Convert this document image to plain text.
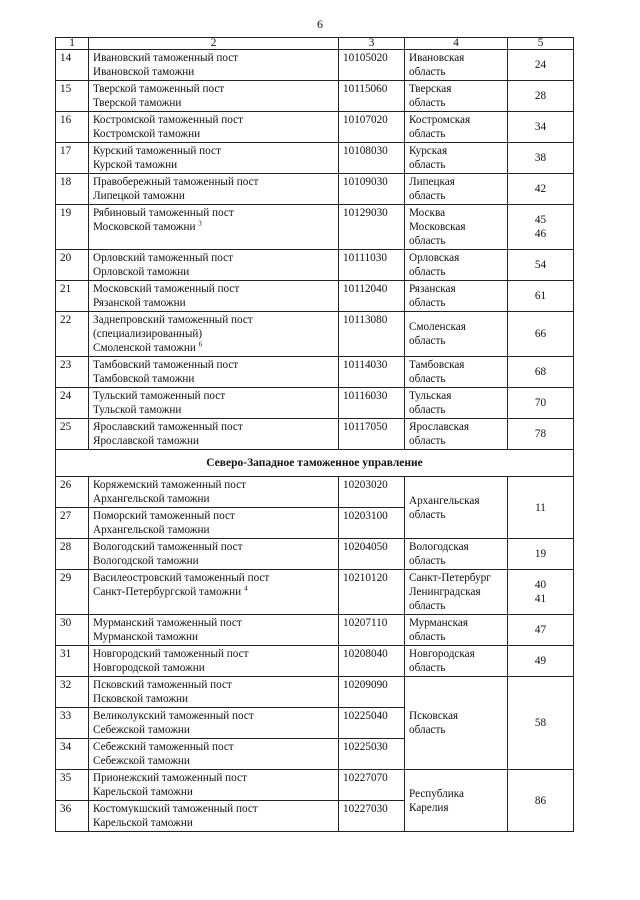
6
1	2	3	4	5
14	Ивановский таможенный пост
Ивановской таможни	10105020	Ивановская
область	24
15	Тверской таможенный пост
Тверской таможни	10115060	Тверская
область	28
16	Костромской таможенный пост
Костромской таможни	10107020	Костромская
область	34
17	Курский таможенный пост
Курской таможни	10108030	Курская
область	38
18	Правобережный таможенный пост
Липецкой таможни	10109030	Липецкая
область	42
19	Рябиновый таможенный пост
Московской таможни $^3$	10129030	Москва
Московская
область	45
46
20	Орловский таможенный пост
Орловской таможни	10111030	Орловская
область	54
21	Московский таможенный пост
Рязанской таможни	10112040	Рязанская
область	61
22	Заднепровский таможенный пост
(специализированный)
Смоленской таможни $^6$	10113080	Смоленская
область	66
23	Тамбовский таможенный пост
Тамбовской таможни	10114030	Тамбовская
область	68
24	Тульский таможенный пост
Тульской таможни	10116030	Тульская
область	70
25	Ярославский таможенный пост
Ярославской таможни	10117050	Ярославская
область	78
Северо-Западное таможенное управление				
26	Коряжемский таможенный пост
Архангельской таможни	10203020	Архангельская
область	11
27	Поморский таможенный пост
Архангельской таможни	10203100		
28	Вологодский таможенный пост
Вологодской таможни	10204050	Вологодская
область	19
29	Василеостровский таможенный пост
Санкт-Петербургской таможни $^4$	10210120	Санкт-Петербург
Ленинградская
область	40
41
30	Мурманский таможенный пост
Мурманской таможни	10207110	Мурманская
область	47
31	Новгородский таможенный пост
Новгородской таможни	10208040	Новгородская
область	49
32	Псковский таможенный пост
Псковской таможни	10209090	Псковская
область	58
33	Великолукский таможенный пост
Себежской таможни	10225040		
34	Себежский таможенный пост
Себежской таможни	10225030		
35	Прионежский таможенный пост
Карельской таможни	10227070	Республика
Карелия	86
36	Костомукшский таможенный пост
Карельской таможни	10227030		
